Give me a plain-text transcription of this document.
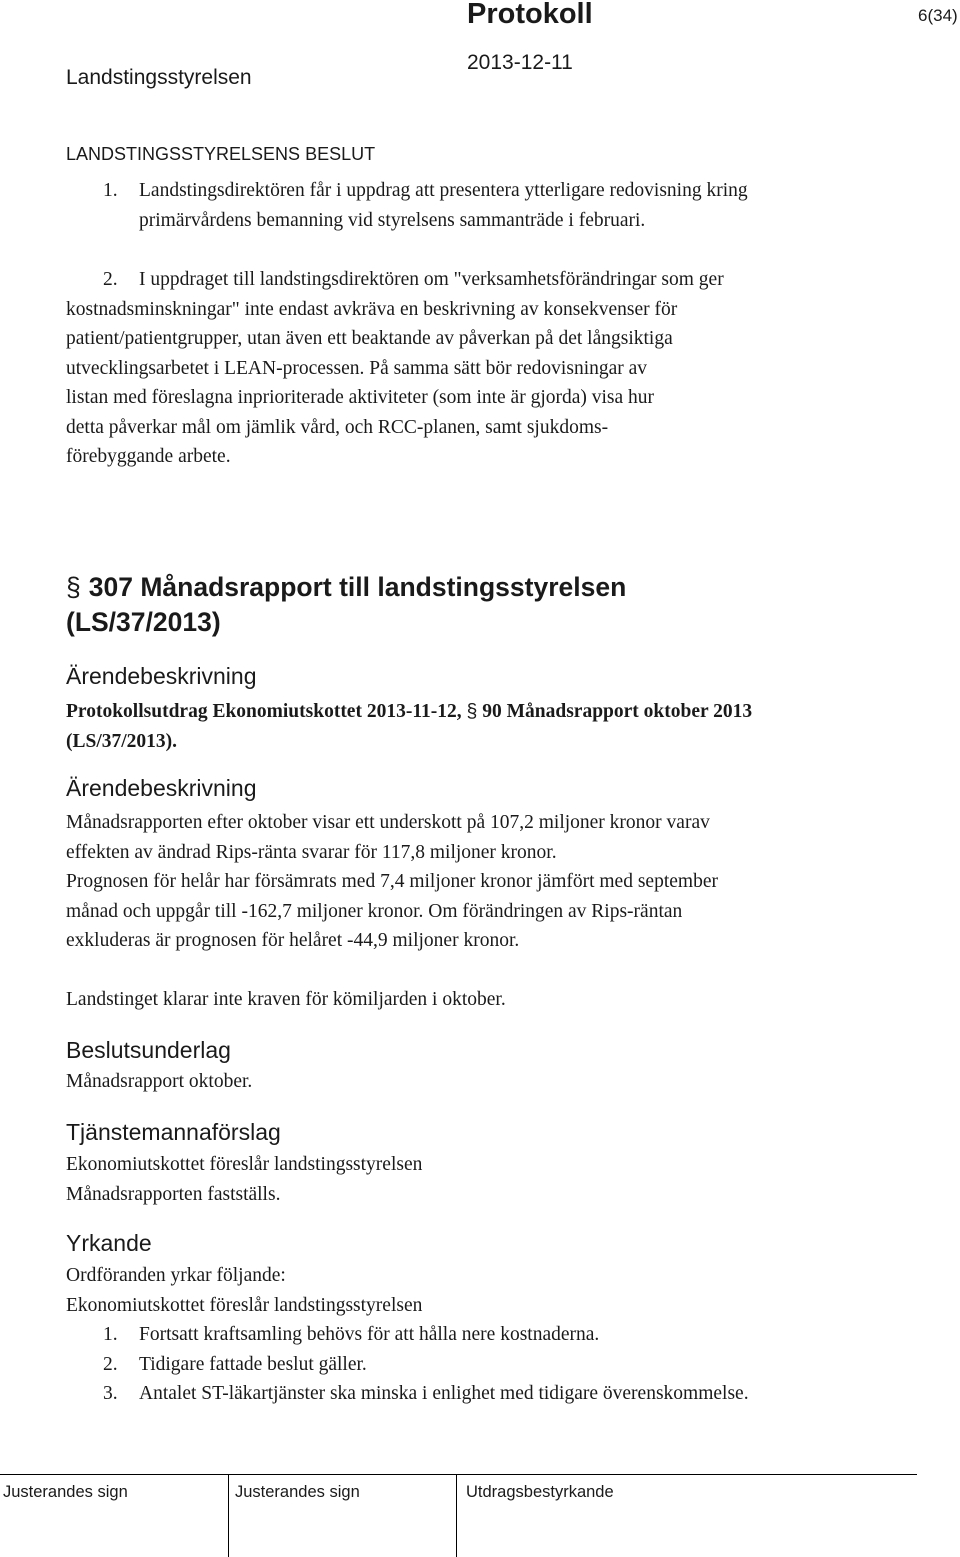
Protokoll	6(34)
Landstingsstyrelsen
2013-12-11
LANDSTINGSSTYRELSENS BESLUT
1. Landstingsdirektören får i uppdrag att presentera ytterligare redovisning kring
primärvårdens bemanning vid styrelsens sammanträde i februari.
2. I uppdraget till landstingsdirektören om "verksamhetsförändringar som ger
kostnadsminskningar" inte endast avkräva en beskrivning av konsekvenser för
patient/patientgrupper, utan även ett beaktande av påverkan på det långsiktiga
utvecklingsarbetet i LEAN-processen. På samma sätt bör redovisningar av
listan med föreslagna inprioriterade aktiviteter (som inte är gjorda) visa hur
detta påverkar mål om jämlik vård, och RCC-planen, samt sjukdoms-
förebyggande arbete.
§ 307 Månadsrapport till landstingsstyrelsen
(LS/37/2013)
Ärendebeskrivning
Protokollsutdrag Ekonomiutskottet 2013-11-12, § 90 Månadsrapport oktober 2013
(LS/37/2013).
Ärendebeskrivning
Månadsrapporten efter oktober visar ett underskott på 107,2 miljoner kronor varav
effekten av ändrad Rips-ränta svarar för 117,8 miljoner kronor.
Prognosen för helår har försämrats med 7,4 miljoner kronor jämfört med september
månad och uppgår till -162,7 miljoner kronor. Om förändringen av Rips-räntan
exkluderas är prognosen för helåret -44,9 miljoner kronor.
Landstinget klarar inte kraven för kömiljarden i oktober.
Beslutsunderlag
Månadsrapport oktober.
Tjänstemannaförslag
Ekonomiutskottet föreslår landstingsstyrelsen
Månadsrapporten fastställs.
Yrkande
Ordföranden yrkar följande:
Ekonomiutskottet föreslår landstingsstyrelsen
1. Fortsatt kraftsamling behövs för att hålla nere kostnaderna.
2. Tidigare fattade beslut gäller.
3. Antalet ST-läkartjänster ska minska i enlighet med tidigare överenskommelse.
Justerandes sign	Justerandes sign	Utdragsbestyrkande
